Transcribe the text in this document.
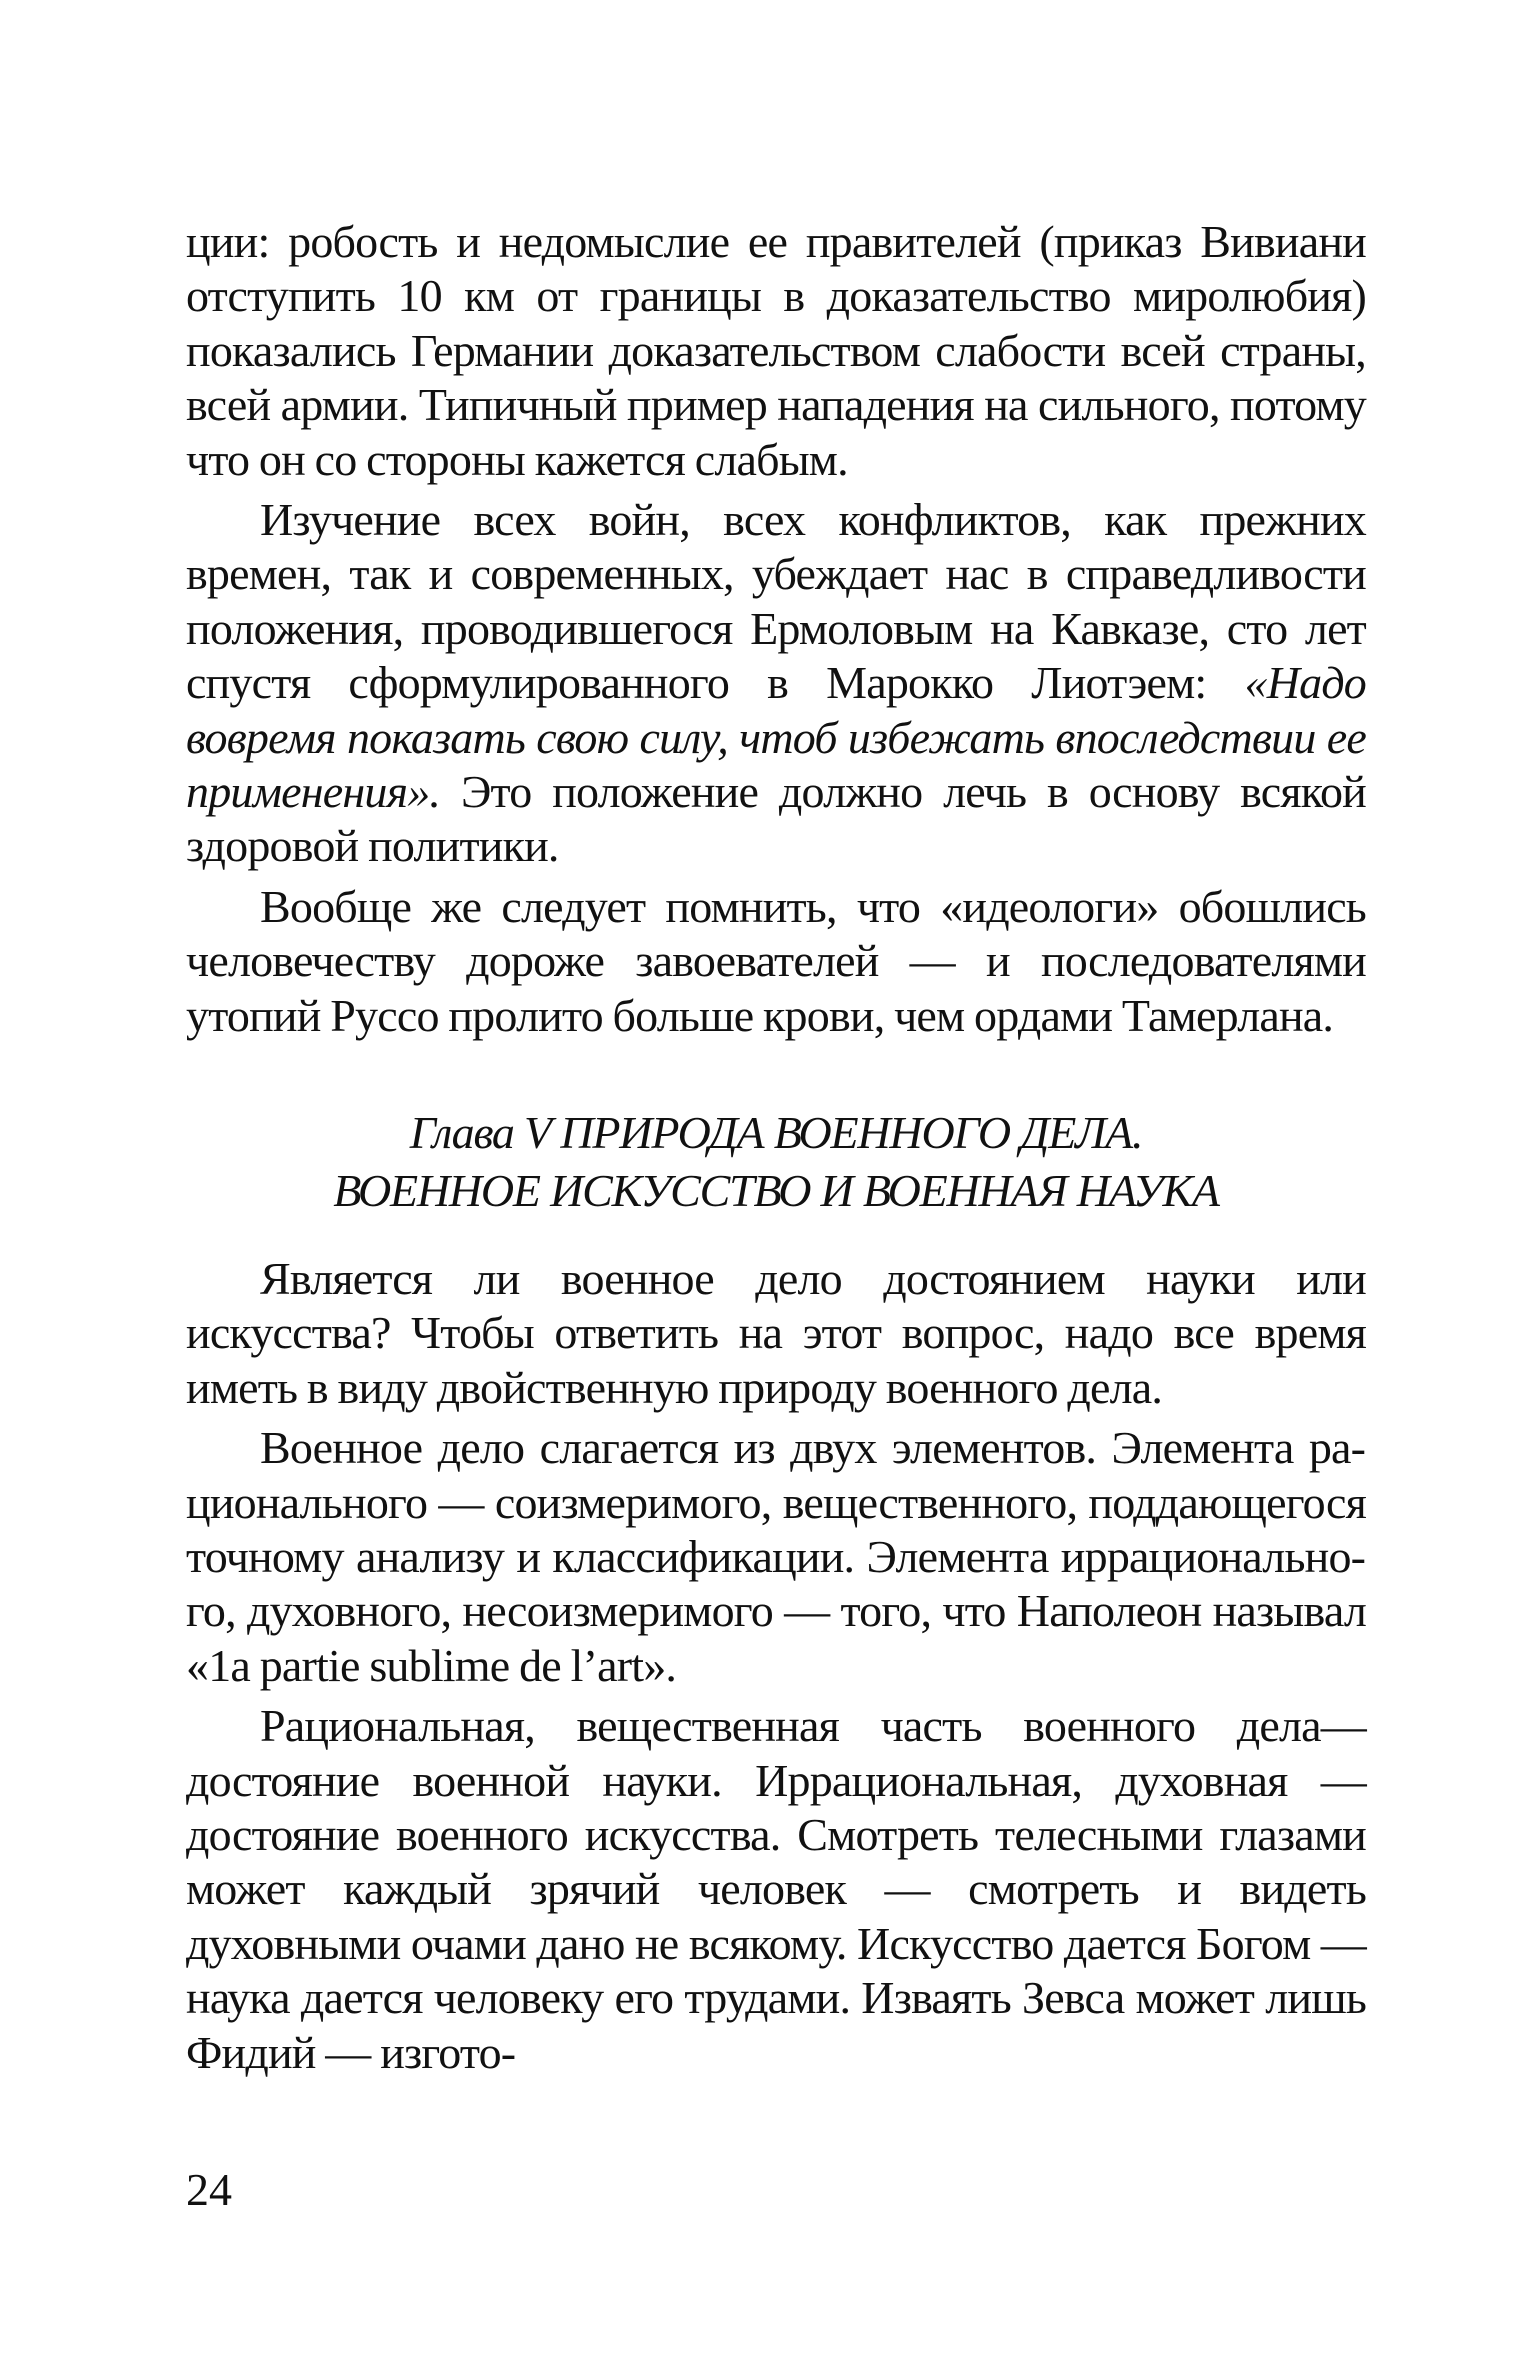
ции: робость и недомыслие ее правителей (приказ Вивиани отступить 10 км от границы в доказательство миролюбия) показались Германии доказательством слабости всей страны, всей армии. Типичный пример нападения на сильного, потому что он со стороны кажется слабым.

Изучение всех войн, всех конфликтов, как прежних времен, так и современных, убеждает нас в справедливости положения, проводившегося Ермоловым на Кавказе, сто лет спустя сформулированного в Марокко Лиотэем: «Надо вовремя показать свою силу, чтоб избежать впоследствии ее применения». Это положение должно лечь в основу всякой здоровой политики.

Вообще же следует помнить, что «идеологи» обошлись человечеству дороже завоевателей — и последователями утопий Руссо пролито больше крови, чем ордами Тамерлана.

Глава V ПРИРОДА ВОЕННОГО ДЕЛА.
ВОЕННОЕ ИСКУССТВО И ВОЕННАЯ НАУКА

Является ли военное дело достоянием науки или искусства? Чтобы ответить на этот вопрос, надо все время иметь в виду двойственную природу военного дела.

Военное дело слагается из двух элементов. Элемента рационального — соизмеримого, вещественного, поддающегося точному анализу и классификации. Элемента иррационального, духовного, несоизмеримого — того, что Наполеон называл «1a partie sublime de l’art».

Рациональная, вещественная часть военного дела— достояние военной науки. Иррациональная, духовная — достояние военного искусства. Смотреть телесными глазами может каждый зрячий человек — смотреть и видеть духовными очами дано не всякому. Искусство дается Богом — наука дается человеку его трудами. Изваять Зевса может лишь Фидий — изгото-

24
